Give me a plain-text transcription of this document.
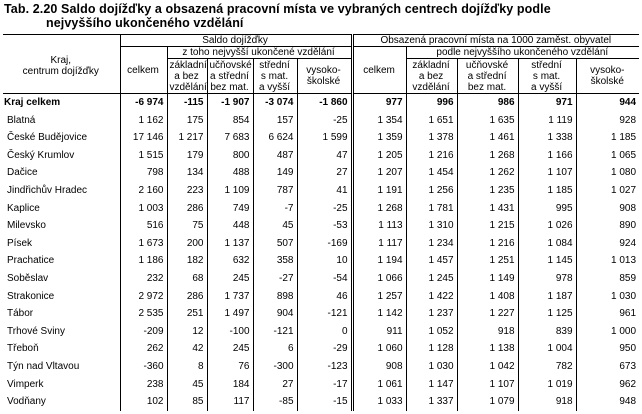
Tab. 2.20 Saldo dojížďky a obsazená pracovní místa ve vybraných centrech dojížďky podle
nejvyššího ukončeného vzdělání
Kraj,
centrum dojížďky	Saldo dojížďky					Obsazená pracovní místa na 1000 zaměst. obyvatel				
	celkem	z toho nejvyšší ukončené vzdělání				celkem	podle nejvyššího ukončeného vzdělání			
		základní
a bez
vzdělání	učňovské
a střední
bez mat.	střední
s mat.
a vyšší	vysoko-
školské		základní
a bez
vzdělání	učňovské
a střední
bez mat.	střední
s mat.
a vyšší	vysoko-
školské
Kraj celkem	-6 974	-115	-1 907	-3 074	-1 860	977	996	986	971	944
Blatná	1 162	175	854	157	-25	1 354	1 651	1 635	1 119	928
České Budějovice	17 146	1 217	7 683	6 624	1 599	1 359	1 378	1 461	1 338	1 185
Český Krumlov	1 515	179	800	487	47	1 205	1 216	1 268	1 166	1 065
Dačice	798	134	488	149	27	1 207	1 454	1 262	1 107	1 080
Jindřichův Hradec	2 160	223	1 109	787	41	1 191	1 256	1 235	1 185	1 027
Kaplice	1 003	286	749	-7	-25	1 268	1 781	1 431	995	908
Milevsko	516	75	448	45	-53	1 113	1 310	1 215	1 026	890
Písek	1 673	200	1 137	507	-169	1 117	1 234	1 216	1 084	924
Prachatice	1 186	182	632	358	10	1 194	1 457	1 251	1 145	1 013
Soběslav	232	68	245	-27	-54	1 066	1 245	1 149	978	859
Strakonice	2 972	286	1 737	898	46	1 257	1 422	1 408	1 187	1 030
Tábor	2 535	251	1 497	904	-121	1 142	1 237	1 227	1 125	961
Trhové Sviny	-209	12	-100	-121	0	911	1 052	918	839	1 000
Třeboň	262	42	245	6	-29	1 060	1 128	1 138	1 004	950
Týn nad Vltavou	-360	8	76	-300	-123	908	1 030	1 042	782	673
Vimperk	238	45	184	27	-17	1 061	1 147	1 107	1 019	962
Vodňany	102	85	117	-85	-15	1 033	1 337	1 079	918	948
